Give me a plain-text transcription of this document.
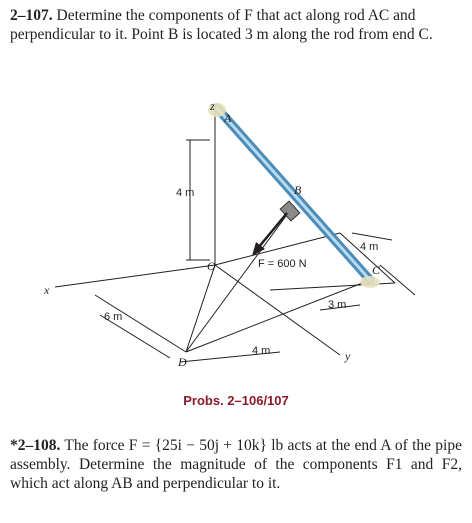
2–107. Determine the components of F that act along rod AC and perpendicular to it. Point B is located 3 m along the rod from end C.

z
A
B
C
O
D
x
y
4 m
4 m
3 m
6 m
4 m
F = 600 N
Probs. 2–106/107

*2–108. The force F = {25i − 50j + 10k} lb acts at the end A of the pipe assembly. Determine the magnitude of the components F1 and F2, which act along AB and perpendicular to it.
